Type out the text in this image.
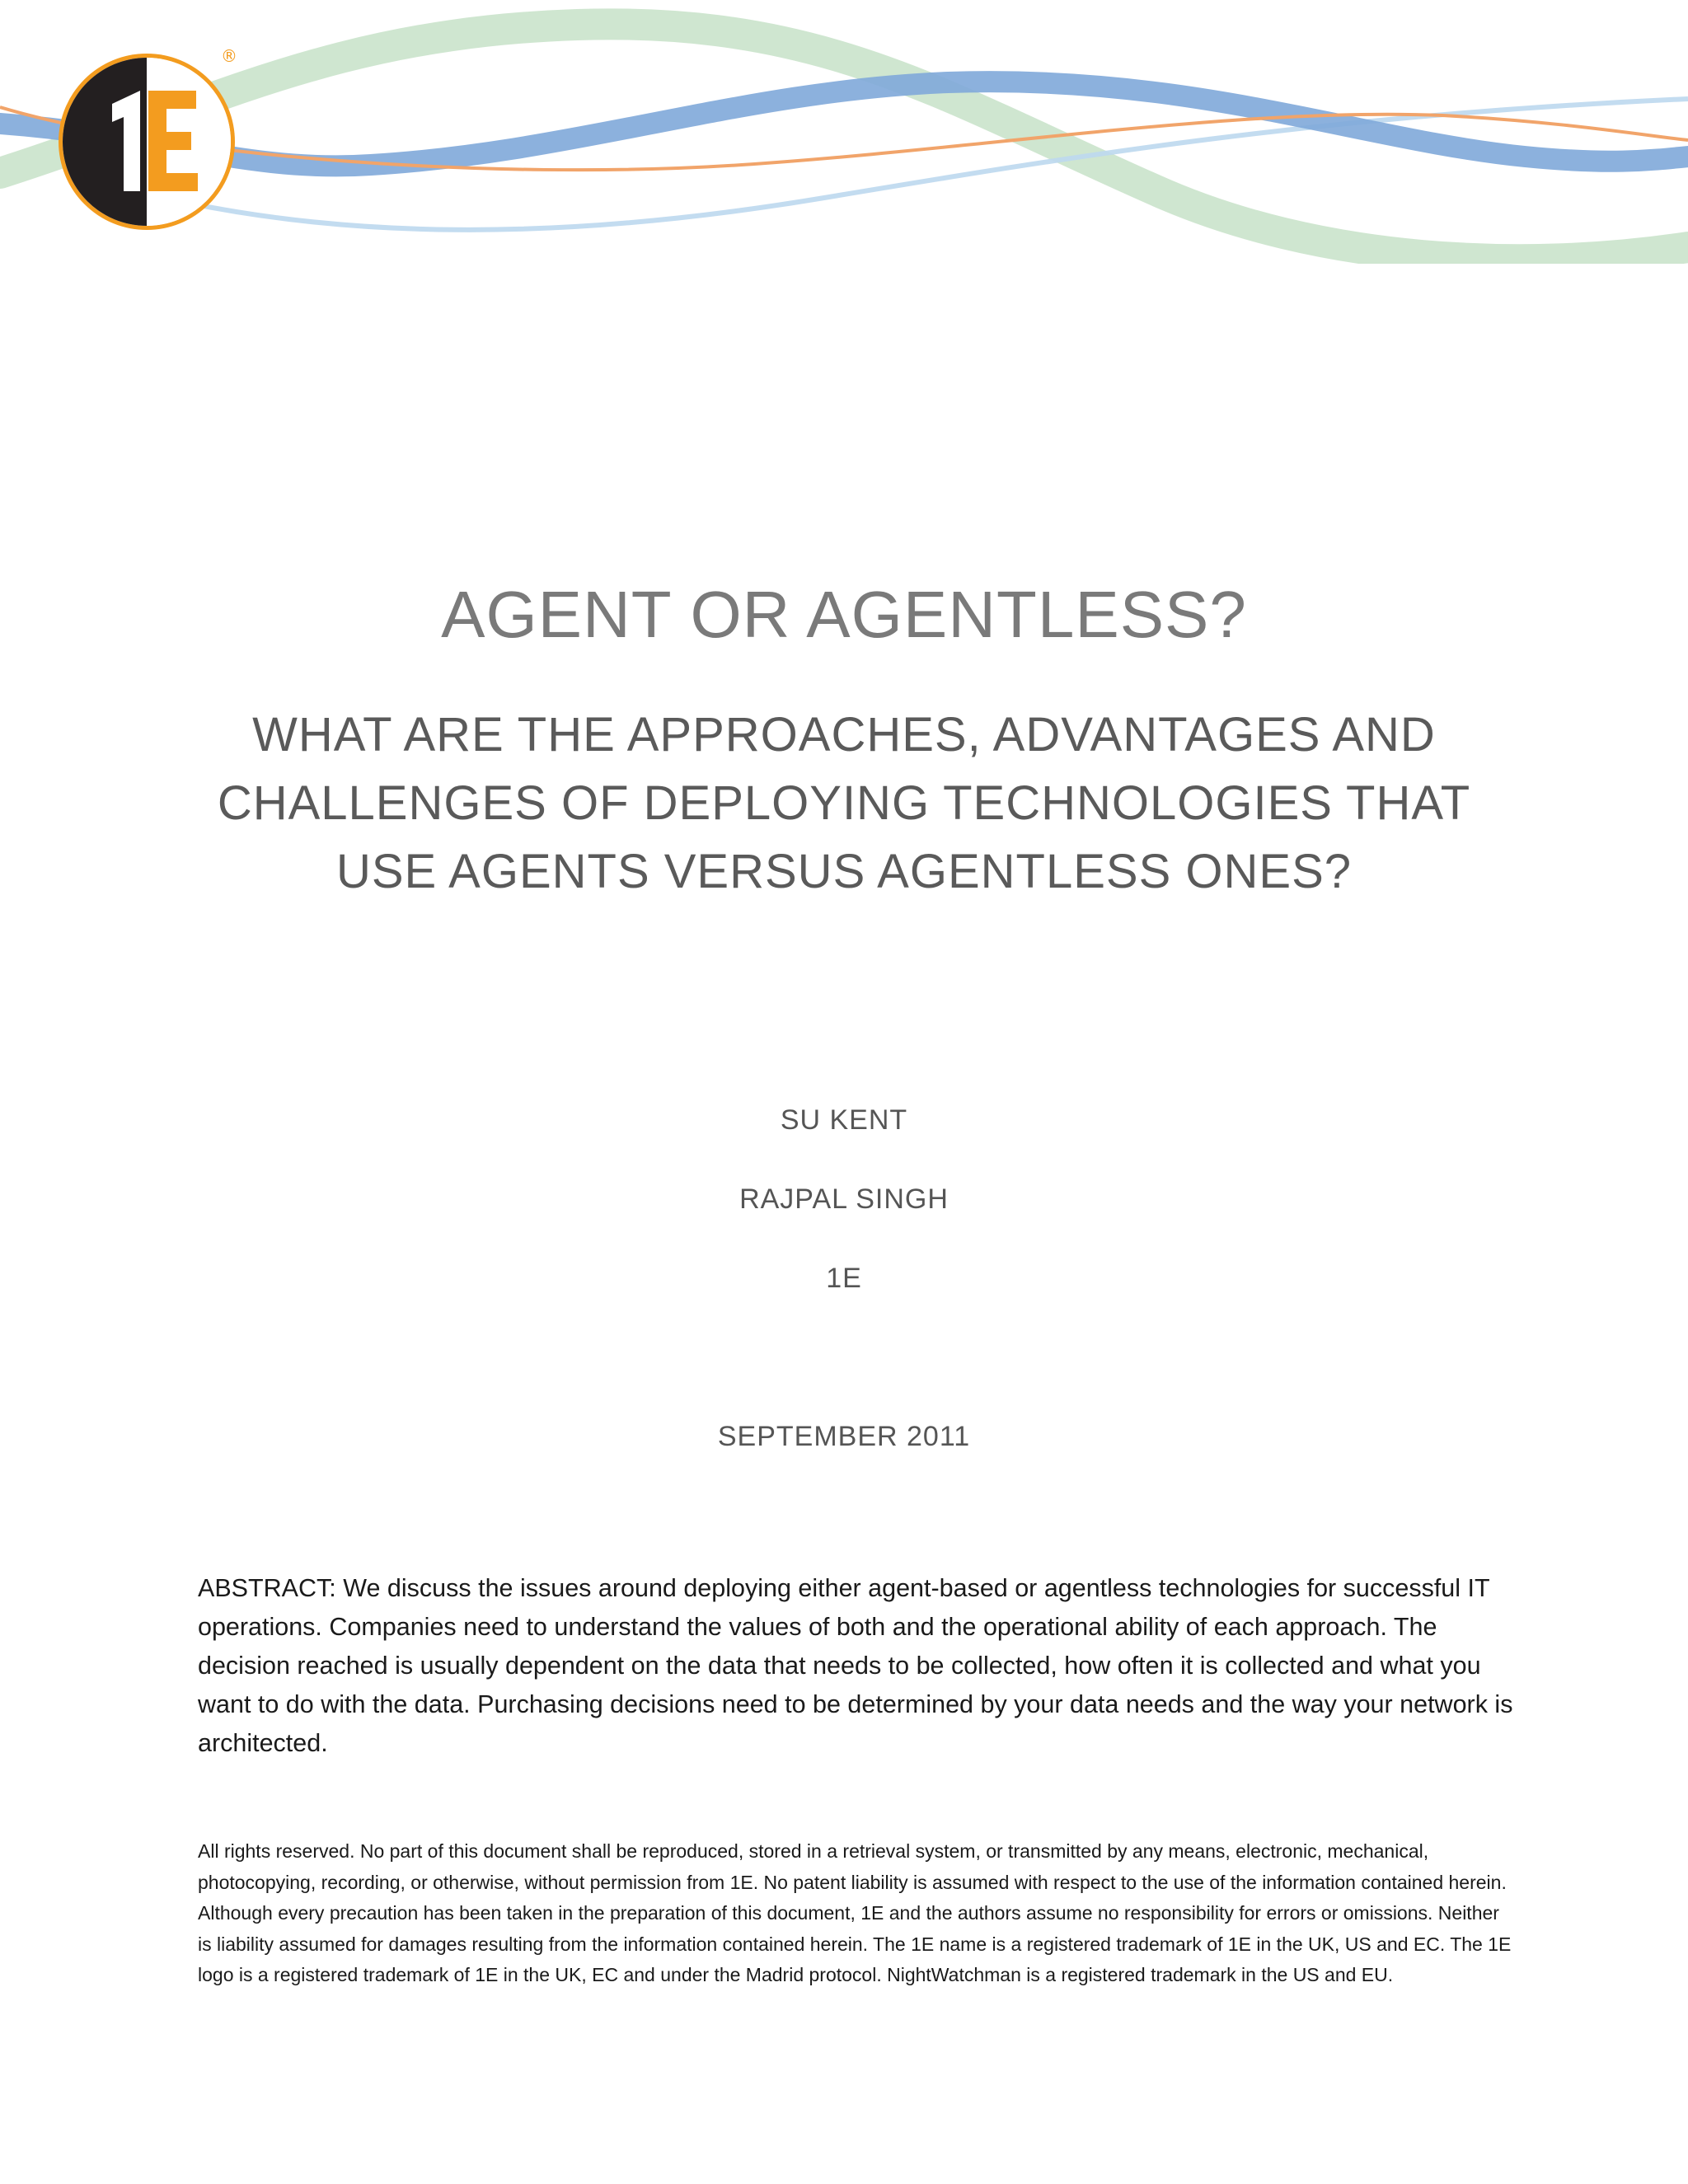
®
AGENT OR AGENTLESS?
WHAT ARE THE APPROACHES, ADVANTAGES AND CHALLENGES OF DEPLOYING TECHNOLOGIES THAT USE AGENTS VERSUS AGENTLESS ONES?
SU KENT
RAJPAL SINGH
1E
SEPTEMBER 2011

ABSTRACT: We discuss the issues around deploying either agent-based or agentless technologies for successful IT operations. Companies need to understand the values of both and the operational ability of each approach. The decision reached is usually dependent on the data that needs to be collected, how often it is collected and what you want to do with the data. Purchasing decisions need to be determined by your data needs and the way your network is architected.

All rights reserved. No part of this document shall be reproduced, stored in a retrieval system, or transmitted by any means, electronic, mechanical, photocopying, recording, or otherwise, without permission from 1E. No patent liability is assumed with respect to the use of the information contained herein. Although every precaution has been taken in the preparation of this document, 1E and the authors assume no responsibility for errors or omissions. Neither is liability assumed for damages resulting from the information contained herein. The 1E name is a registered trademark of 1E in the UK, US and EC. The 1E logo is a registered trademark of 1E in the UK, EC and under the Madrid protocol. NightWatchman is a registered trademark in the US and EU.
